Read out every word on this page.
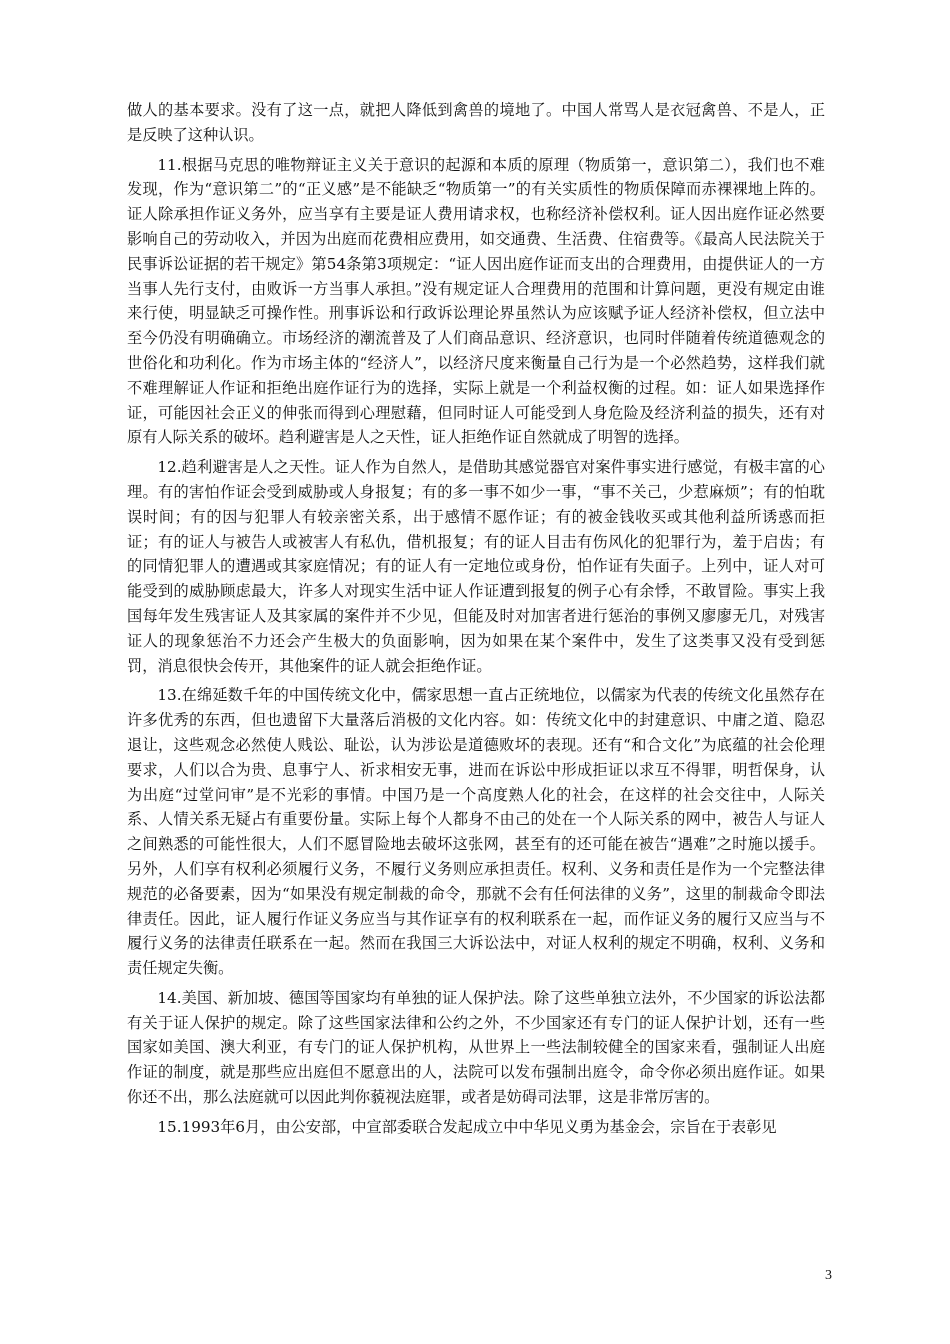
做人的基本要求。没有了这一点，就把人降低到禽兽的境地了。中国人常骂人是衣冠禽兽、不是人，正是反映了这种认识。

11.根据马克思的唯物辩证主义关于意识的起源和本质的原理（物质第一，意识第二），我们也不难发现，作为“意识第二”的“正义感”是不能缺乏“物质第一”的有关实质性的物质保障而赤裸裸地上阵的。证人除承担作证义务外，应当享有主要是证人费用请求权，也称经济补偿权利。证人因出庭作证必然要影响自己的劳动收入，并因为出庭而花费相应费用，如交通费、生活费、住宿费等。《最高人民法院关于民事诉讼证据的若干规定》第54条第3项规定：“证人因出庭作证而支出的合理费用，由提供证人的一方当事人先行支付，由败诉一方当事人承担。”没有规定证人合理费用的范围和计算问题，更没有规定由谁来行使，明显缺乏可操作性。刑事诉讼和行政诉讼理论界虽然认为应该赋予证人经济补偿权，但立法中至今仍没有明确确立。市场经济的潮流普及了人们商品意识、经济意识，也同时伴随着传统道德观念的世俗化和功利化。作为市场主体的“经济人”，以经济尺度来衡量自己行为是一个必然趋势，这样我们就不难理解证人作证和拒绝出庭作证行为的选择，实际上就是一个利益权衡的过程。如：证人如果选择作证，可能因社会正义的伸张而得到心理慰藉，但同时证人可能受到人身危险及经济利益的损失，还有对原有人际关系的破坏。趋利避害是人之天性，证人拒绝作证自然就成了明智的选择。

12.趋利避害是人之天性。证人作为自然人，是借助其感觉器官对案件事实进行感觉，有极丰富的心理。有的害怕作证会受到威胁或人身报复；有的多一事不如少一事，“事不关己，少惹麻烦”；有的怕耽误时间；有的因与犯罪人有较亲密关系，出于感情不愿作证；有的被金钱收买或其他利益所诱惑而拒证；有的证人与被告人或被害人有私仇，借机报复；有的证人目击有伤风化的犯罪行为，羞于启齿；有的同情犯罪人的遭遇或其家庭情况；有的证人有一定地位或身份，怕作证有失面子。上列中，证人对可能受到的威胁顾虑最大，许多人对现实生活中证人作证遭到报复的例子心有余悸，不敢冒险。事实上我国每年发生残害证人及其家属的案件并不少见，但能及时对加害者进行惩治的事例又廖廖无几，对残害证人的现象惩治不力还会产生极大的负面影响，因为如果在某个案件中，发生了这类事又没有受到惩罚，消息很快会传开，其他案件的证人就会拒绝作证。

13.在绵延数千年的中国传统文化中，儒家思想一直占正统地位，以儒家为代表的传统文化虽然存在许多优秀的东西，但也遗留下大量落后消极的文化内容。如：传统文化中的封建意识、中庸之道、隐忍退让，这些观念必然使人贱讼、耻讼，认为涉讼是道德败坏的表现。还有“和合文化”为底蕴的社会伦理要求，人们以合为贵、息事宁人、祈求相安无事，进而在诉讼中形成拒证以求互不得罪，明哲保身，认为出庭“过堂问审”是不光彩的事情。中国乃是一个高度熟人化的社会，在这样的社会交往中，人际关系、人情关系无疑占有重要份量。实际上每个人都身不由己的处在一个人际关系的网中，被告人与证人之间熟悉的可能性很大，人们不愿冒险地去破坏这张网，甚至有的还可能在被告“遇难”之时施以援手。另外，人们享有权利必须履行义务，不履行义务则应承担责任。权利、义务和责任是作为一个完整法律规范的必备要素，因为“如果没有规定制裁的命令，那就不会有任何法律的义务”，这里的制裁命令即法律责任。因此，证人履行作证义务应当与其作证享有的权利联系在一起，而作证义务的履行又应当与不履行义务的法律责任联系在一起。然而在我国三大诉讼法中，对证人权利的规定不明确，权利、义务和责任规定失衡。

14.美国、新加坡、德国等国家均有单独的证人保护法。除了这些单独立法外，不少国家的诉讼法都有关于证人保护的规定。除了这些国家法律和公约之外，不少国家还有专门的证人保护计划，还有一些国家如美国、澳大利亚，有专门的证人保护机构，从世界上一些法制较健全的国家来看，强制证人出庭作证的制度，就是那些应出庭但不愿意出的人，法院可以发布强制出庭令，命令你必须出庭作证。如果你还不出，那么法庭就可以因此判你藐视法庭罪，或者是妨碍司法罪，这是非常厉害的。

15.1993年6月，由公安部，中宣部委联合发起成立中中华见义勇为基金会，宗旨在于表彰见

3
